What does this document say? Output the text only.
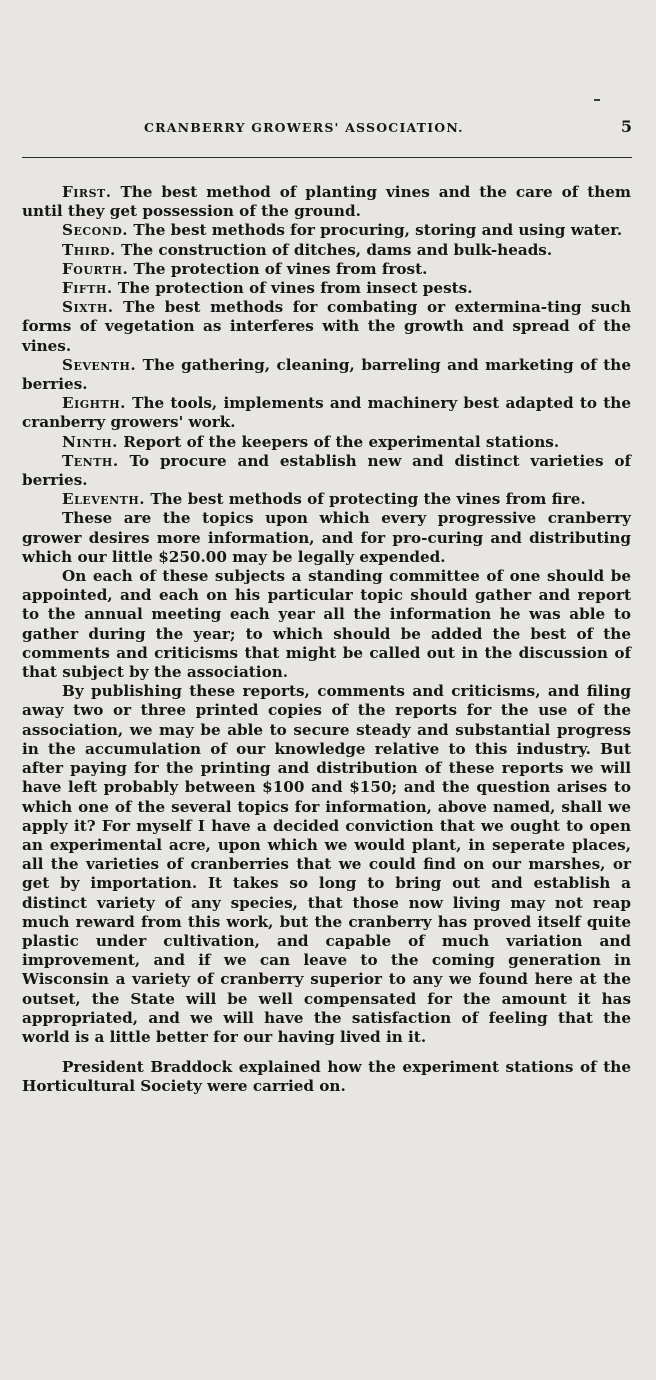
CRANBERRY GROWERS' ASSOCIATION.	5

First. The best method of planting vines and the care of them until they get possession of the ground.

Second. The best methods for procuring, storing and using water.

Third. The construction of ditches, dams and bulk-heads.

Fourth. The protection of vines from frost.

Fifth. The protection of vines from insect pests.

Sixth. The best methods for combating or extermina-ting such forms of vegetation as interferes with the growth and spread of the vines.

Seventh. The gathering, cleaning, barreling and marketing of the berries.

Eighth. The tools, implements and machinery best adapted to the cranberry growers' work.

Ninth. Report of the keepers of the experimental stations.

Tenth. To procure and establish new and distinct varieties of berries.

Eleventh. The best methods of protecting the vines from fire.

These are the topics upon which every progressive cranberry grower desires more information, and for pro-curing and distributing which our little $250.00 may be legally expended.

On each of these subjects a standing committee of one should be appointed, and each on his particular topic should gather and report to the annual meeting each year all the information he was able to gather during the year; to which should be added the best of the comments and criticisms that might be called out in the discussion of that subject by the association.

By publishing these reports, comments and criticisms, and filing away two or three printed copies of the reports for the use of the association, we may be able to secure steady and substantial progress in the accumulation of our knowledge relative to this industry. But after paying for the printing and distribution of these reports we will have left probably between $100 and $150; and the question arises to which one of the several topics for information, above named, shall we apply it? For myself I have a decided conviction that we ought to open an experimental acre, upon which we would plant, in seperate places, all the varieties of cranberries that we could find on our marshes, or get by importation. It takes so long to bring out and establish a distinct variety of any species, that those now living may not reap much reward from this work, but the cranberry has proved itself quite plastic under cultivation, and capable of much variation and improvement, and if we can leave to the coming generation in Wisconsin a variety of cranberry superior to any we found here at the outset, the State will be well compensated for the amount it has appropriated, and we will have the satisfaction of feeling that the world is a little better for our having lived in it.

President Braddock explained how the experiment stations of the Horticultural Society were carried on.
